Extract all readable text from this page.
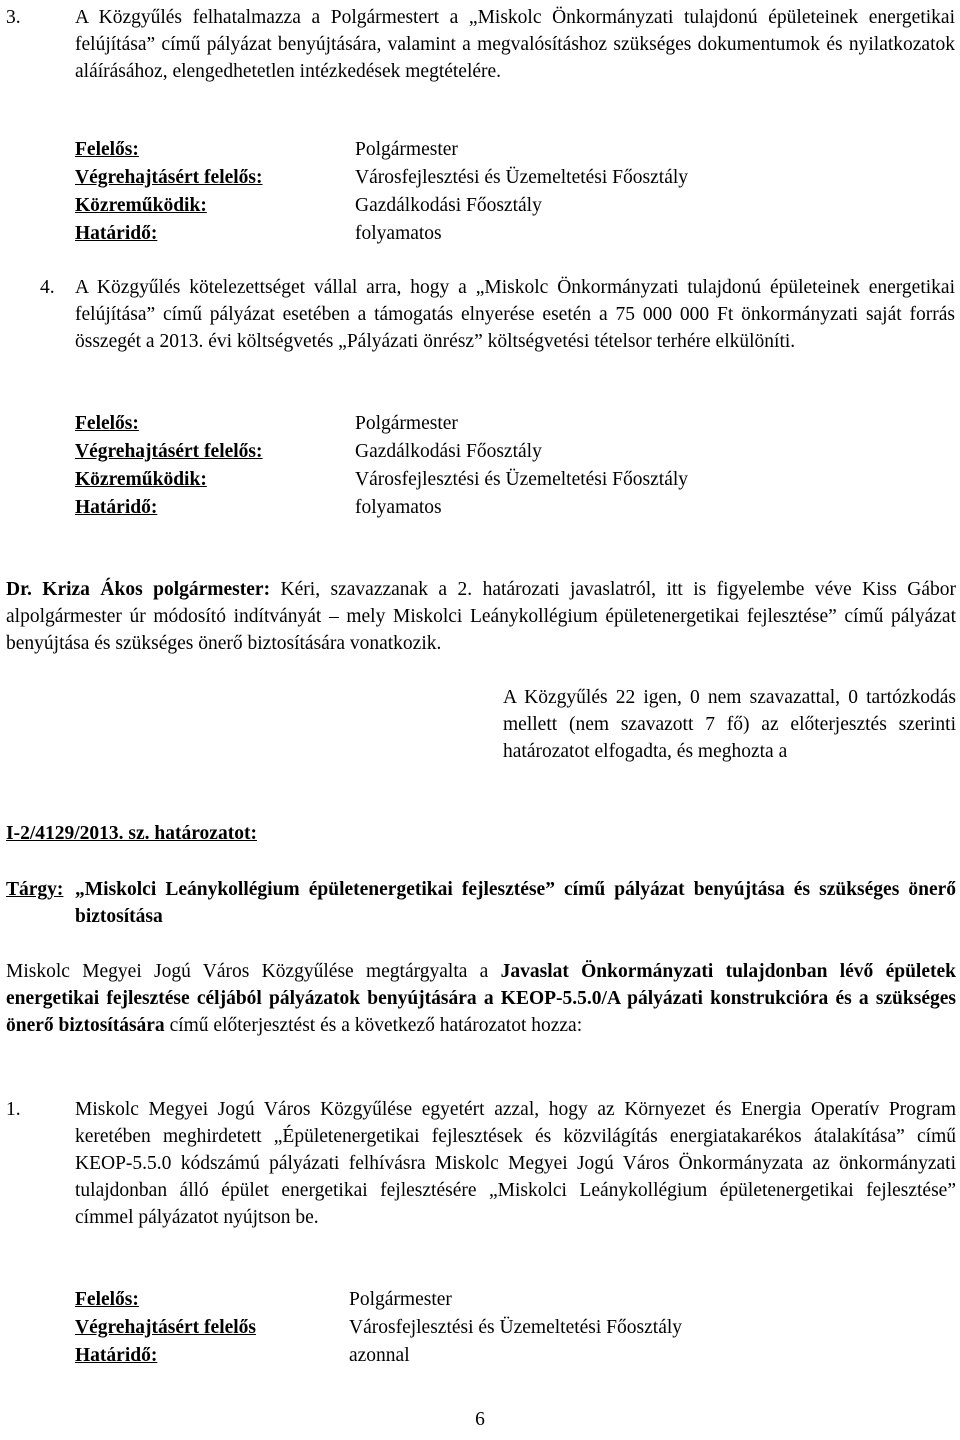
3.	A Közgyűlés felhatalmazza a Polgármestert a „Miskolc Önkormányzati tulajdonú épületeinek energetikai felújítása” című pályázat benyújtására, valamint a megvalósításhoz szükséges dokumentumok és nyilatkozatok aláírásához, elengedhetetlen intézkedések megtételére.
Felelős:	Polgármester
Végrehajtásért felelős:	Városfejlesztési és Üzemeltetési Főosztály
Közreműködik:	Gazdálkodási Főosztály
Határidő:	folyamatos
4. A Közgyűlés kötelezettséget vállal arra, hogy a „Miskolc Önkormányzati tulajdonú épületeinek energetikai felújítása” című pályázat esetében a támogatás elnyerése esetén a 75 000 000 Ft önkormányzati saját forrás összegét a 2013. évi költségvetés „Pályázati önrész” költségvetési tételsor terhére elkülöníti.
Felelős:	Polgármester
Végrehajtásért felelős:	Gazdálkodási Főosztály
Közreműködik:	Városfejlesztési és Üzemeltetési Főosztály
Határidő:	folyamatos
Dr. Kriza Ákos polgármester: Kéri, szavazzanak a 2. határozati javaslatról, itt is figyelembe véve Kiss Gábor alpolgármester úr módosító indítványát – mely Miskolci Leánykollégium épületenergetikai fejlesztése” című pályázat benyújtása és szükséges önerő biztosítására vonatkozik.
A Közgyűlés 22 igen, 0 nem szavazattal, 0 tartózkodás mellett (nem szavazott 7 fő) az előterjesztés szerinti határozatot elfogadta, és meghozta a
I-2/4129/2013. sz. határozatot:
Tárgy: „Miskolci Leánykollégium épületenergetikai fejlesztése” című pályázat benyújtása és szükséges önerő biztosítása
Miskolc Megyei Jogú Város Közgyűlése megtárgyalta a Javaslat Önkormányzati tulajdonban lévő épületek energetikai fejlesztése céljából pályázatok benyújtására a KEOP-5.5.0/A pályázati konstrukcióra és a szükséges önerő biztosítására című előterjesztést és a következő határozatot hozza:
1.	Miskolc Megyei Jogú Város Közgyűlése egyetért azzal, hogy az Környezet és Energia Operatív Program keretében meghirdetett „Épületenergetikai fejlesztések és közvilágítás energiatakarékos átalakítása” című KEOP-5.5.0 kódszámú pályázati felhívásra Miskolc Megyei Jogú Város Önkormányzata az önkormányzati tulajdonban álló épület energetikai fejlesztésére „Miskolci Leánykollégium épületenergetikai fejlesztése” címmel pályázatot nyújtson be.
Felelős:	Polgármester
Végrehajtásért felelős	Városfejlesztési és Üzemeltetési Főosztály
Határidő:	azonnal
6
